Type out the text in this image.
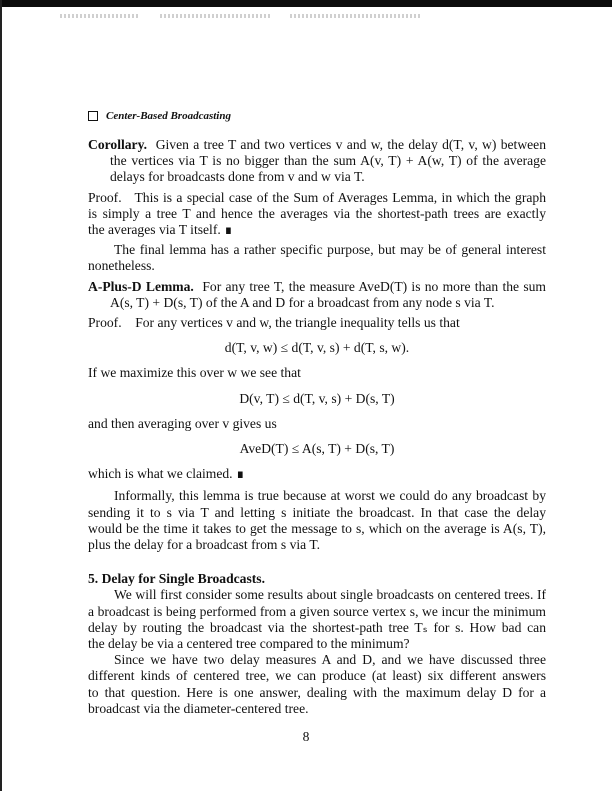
Center-Based Broadcasting
Corollary. Given a tree T and two vertices v and w, the delay d(T, v, w) between
the vertices via T is no bigger than the sum A(v, T) + A(w, T) of the average
delays for broadcasts done from v and w via T.
Proof. This is a special case of the Sum of Averages Lemma, in which the graph
is simply a tree T and hence the averages via the shortest-path trees are exactly
the averages via T itself. ∎
The final lemma has a rather specific purpose, but may be of general interest
nonetheless.
A-Plus-D Lemma. For any tree T, the measure AveD(T) is no more than the sum
A(s, T) + D(s, T) of the A and D for a broadcast from any node s via T.
Proof. For any vertices v and w, the triangle inequality tells us that
d(T, v, w) ≤ d(T, v, s) + d(T, s, w).
If we maximize this over w we see that
D(v, T) ≤ d(T, v, s) + D(s, T)
and then averaging over v gives us
AveD(T) ≤ A(s, T) + D(s, T)
which is what we claimed. ∎
Informally, this lemma is true because at worst we could do any broadcast by
sending it to s via T and letting s initiate the broadcast. In that case the delay
would be the time it takes to get the message to s, which on the average is A(s, T),
plus the delay for a broadcast from s via T.
5. Delay for Single Broadcasts.
We will first consider some results about single broadcasts on centered trees. If
a broadcast is being performed from a given source vertex s, we incur the minimum
delay by routing the broadcast via the shortest-path tree Tₛ for s. How bad can
the delay be via a centered tree compared to the minimum?
Since we have two delay measures A and D, and we have discussed three
different kinds of centered tree, we can produce (at least) six different answers
to that question. Here is one answer, dealing with the maximum delay D for a
broadcast via the diameter-centered tree.
8
